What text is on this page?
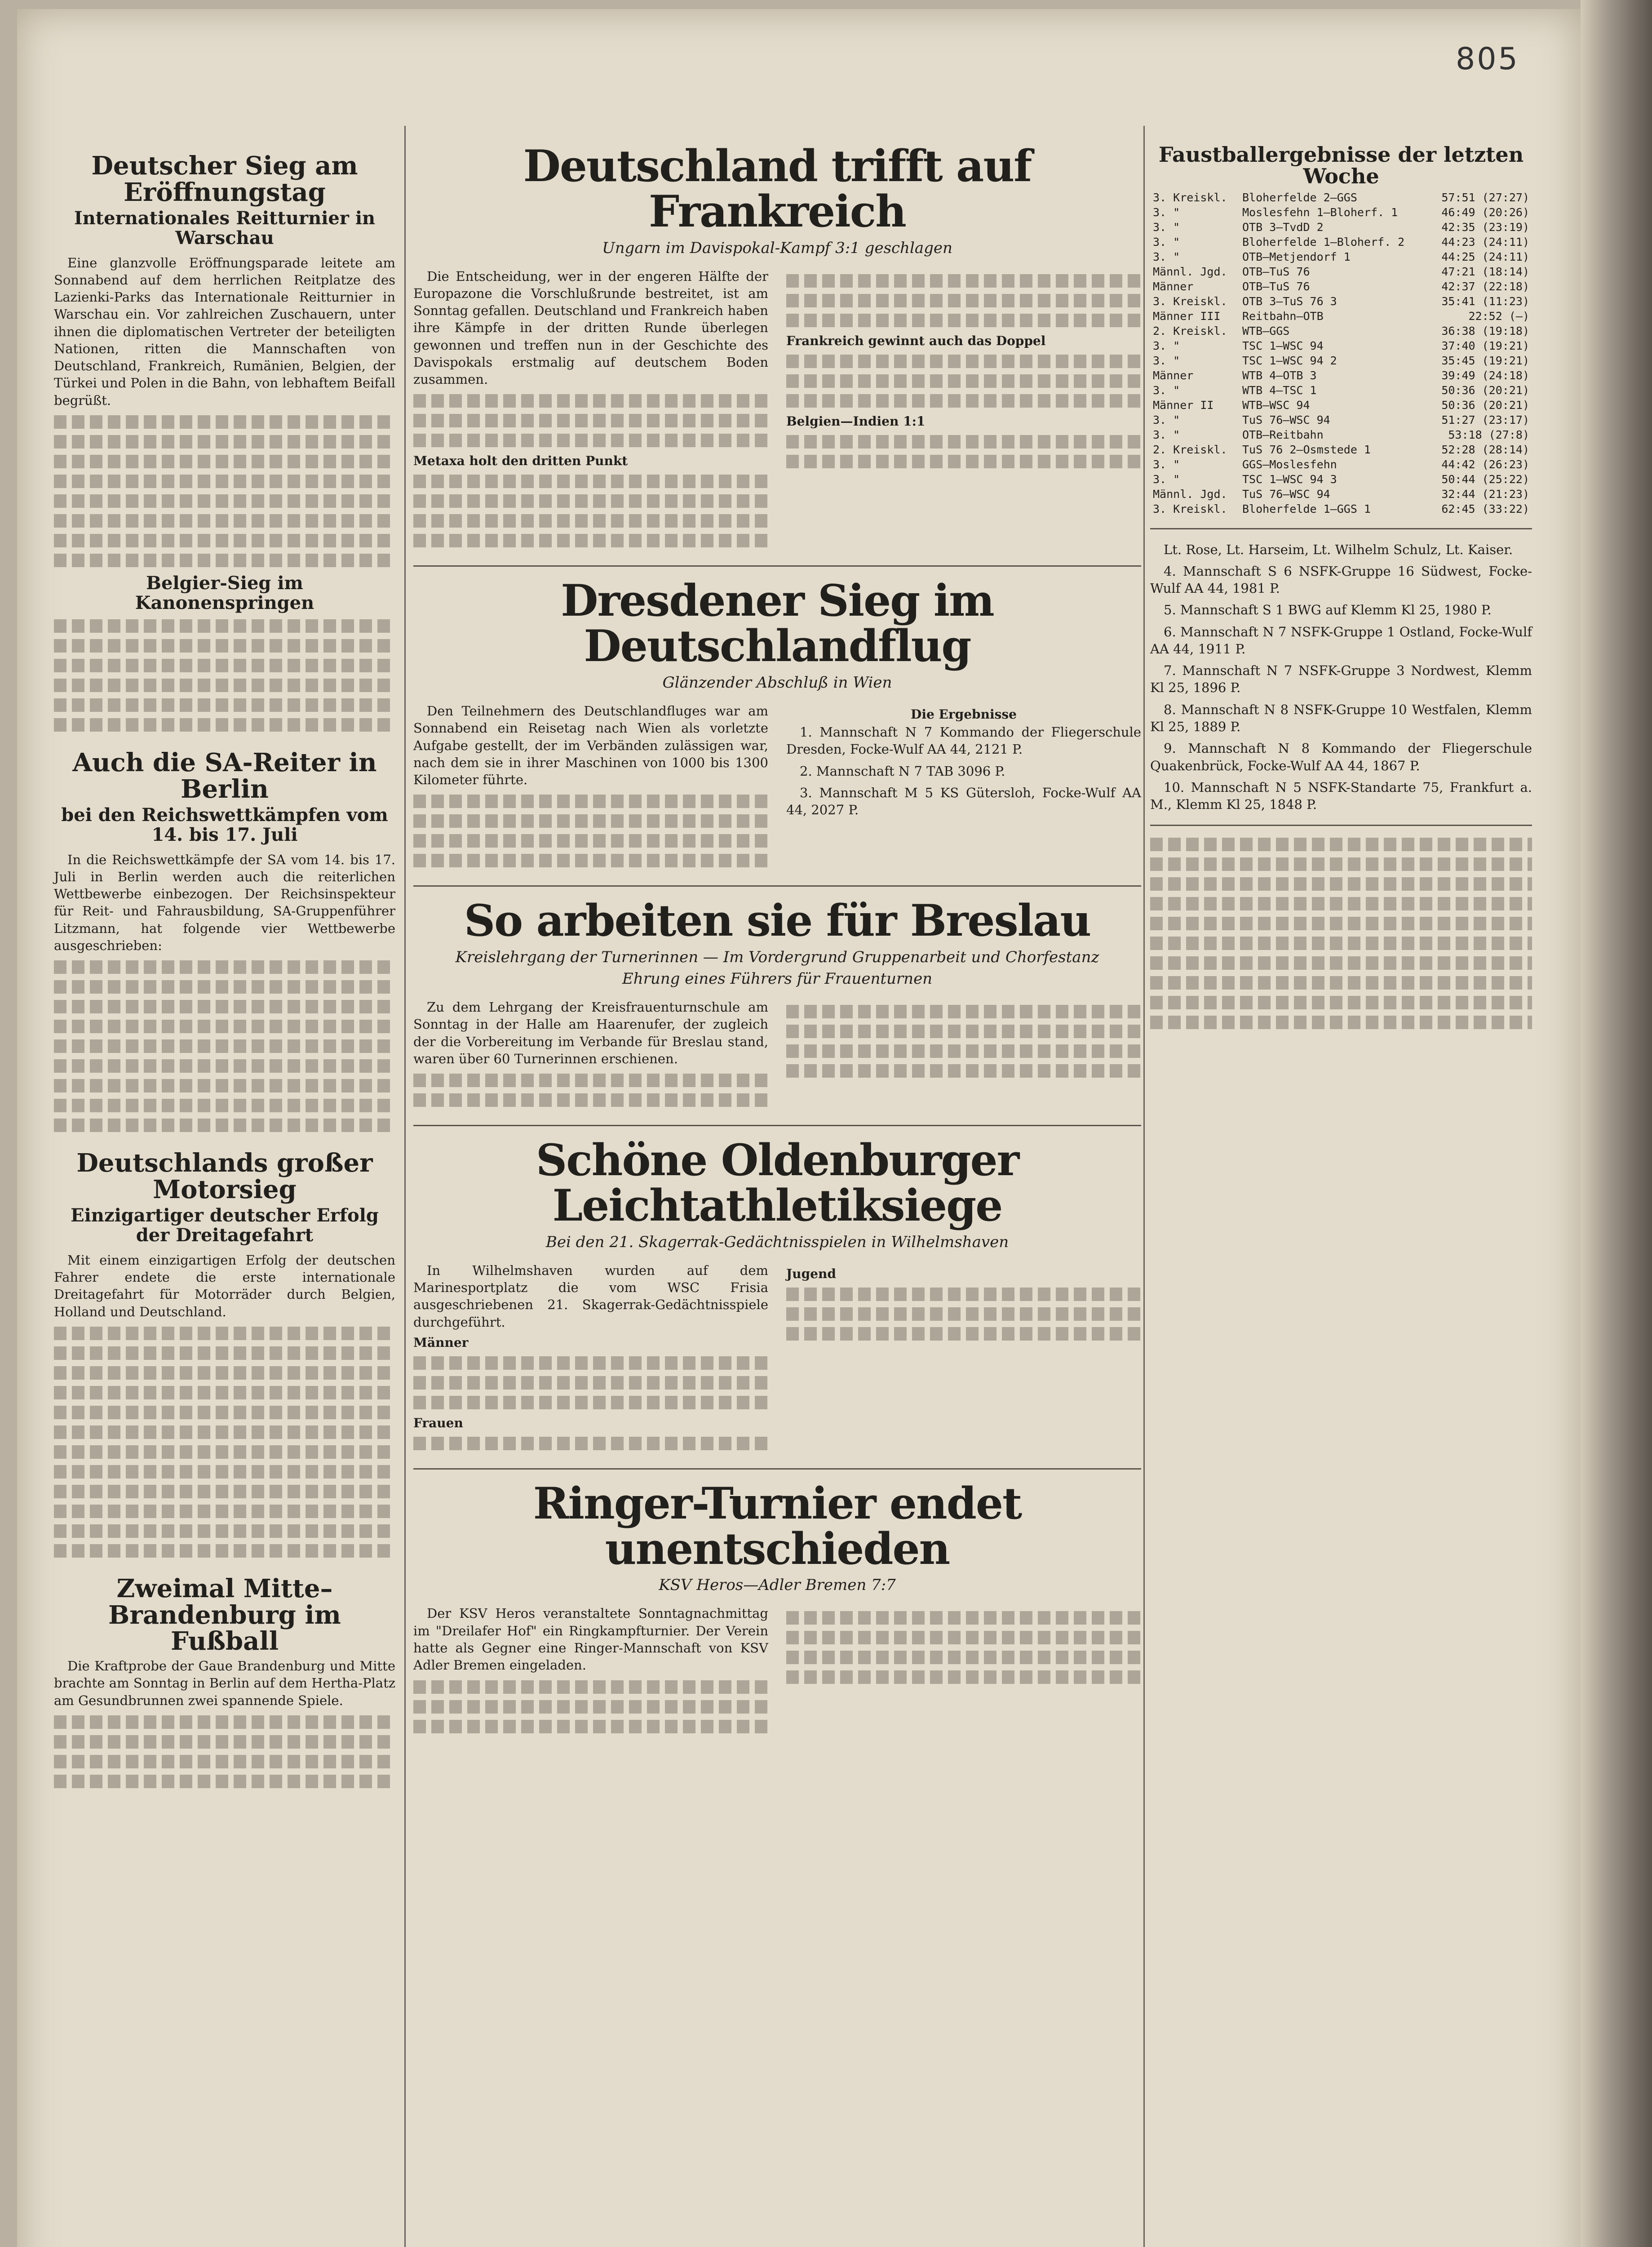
805
Deutscher Sieg am Eröffnungstag
Internationales Reitturnier in Warschau

Eine glanzvolle Eröffnungsparade leitete am Sonnabend auf dem herrlichen Reitplatze des Lazienki-Parks das Internationale Reitturnier in Warschau ein. Vor zahlreichen Zuschauern, unter ihnen die diplomatischen Vertreter der beteiligten Nationen, ritten die Mannschaften von Deutschland, Frankreich, Rumänien, Belgien, der Türkei und Polen in die Bahn, von lebhaftem Beifall begrüßt.

Belgier-Sieg im Kanonenspringen
Auch die SA-Reiter in Berlin
bei den Reichswettkämpfen vom 14. bis 17. Juli

In die Reichswettkämpfe der SA vom 14. bis 17. Juli in Berlin werden auch die reiterlichen Wettbewerbe einbezogen. Der Reichsinspekteur für Reit- und Fahrausbildung, SA-Gruppenführer Litzmann, hat folgende vier Wettbewerbe ausgeschrieben:

Deutschlands großer Motorsieg
Einzigartiger deutscher Erfolg der Dreitagefahrt

Mit einem einzigartigen Erfolg der deutschen Fahrer endete die erste internationale Dreitagefahrt für Motorräder durch Belgien, Holland und Deutschland.

Zweimal Mitte–Brandenburg im Fußball

Die Kraftprobe der Gaue Brandenburg und Mitte brachte am Sonntag in Berlin auf dem Hertha-Platz am Gesundbrunnen zwei spannende Spiele.

Deutschland trifft auf Frankreich
Ungarn im Davispokal-Kampf 3:1 geschlagen

Die Entscheidung, wer in der engeren Hälfte der Europazone die Vorschlußrunde bestreitet, ist am Sonntag gefallen. Deutschland und Frankreich haben ihre Kämpfe in der dritten Runde überlegen gewonnen und treffen nun in der Geschichte des Davispokals erstmalig auf deutschem Boden zusammen.

Metaxa holt den dritten Punkt
Frankreich gewinnt auch das Doppel
Belgien—Indien 1:1
Dresdener Sieg im Deutschlandflug
Glänzender Abschluß in Wien

Den Teilnehmern des Deutschlandfluges war am Sonnabend ein Reisetag nach Wien als vorletzte Aufgabe gestellt, der im Verbänden zulässigen war, nach dem sie in ihrer Maschinen von 1000 bis 1300 Kilometer führte.

Die Ergebnisse

1. Mannschaft N 7 Kommando der Fliegerschule Dresden, Focke-Wulf AA 44, 2121 P.

2. Mannschaft N 7 TAB 3096 P.

3. Mannschaft M 5 KS Gütersloh, Focke-Wulf AA 44, 2027 P.

So arbeiten sie für Breslau
Kreislehrgang der Turnerinnen — Im Vordergrund Gruppenarbeit und Chorfestanz
Ehrung eines Führers für Frauenturnen

Zu dem Lehrgang der Kreisfrauenturnschule am Sonntag in der Halle am Haarenufer, der zugleich der die Vorbereitung im Verbande für Breslau stand, waren über 60 Turnerinnen erschienen.

Schöne Oldenburger Leichtathletiksiege
Bei den 21. Skagerrak-Gedächtnisspielen in Wilhelmshaven

In Wilhelmshaven wurden auf dem Marinesportplatz die vom WSC Frisia ausgeschriebenen 21. Skagerrak-Gedächtnisspiele durchgeführt.

Männer
Frauen
Jugend
Ringer-Turnier endet unentschieden
KSV Heros—Adler Bremen 7:7

Der KSV Heros veranstaltete Sonntagnachmittag im "Dreilafer Hof" ein Ringkampfturnier. Der Verein hatte als Gegner eine Ringer-Mannschaft von KSV Adler Bremen eingeladen.

Faustballergebnisse der letzten Woche
3. Kreiskl.	Bloherfelde 2—GGS	57:51 (27:27)
3. "	Moslesfehn 1—Bloherf. 1	46:49 (20:26)
3. "	OTB 3—TvdD 2	42:35 (23:19)
3. "	Bloherfelde 1—Bloherf. 2	44:23 (24:11)
3. "	OTB—Metjendorf 1	44:25 (24:11)
Männl. Jgd.	OTB—TuS 76	47:21 (18:14)
Männer	OTB—TuS 76	42:37 (22:18)
3. Kreiskl.	OTB 3—TuS 76 3	35:41 (11:23)
Männer III	Reitbahn—OTB	22:52 (—)
2. Kreiskl.	WTB—GGS	36:38 (19:18)
3. "	TSC 1—WSC 94	37:40 (19:21)
3. "	TSC 1—WSC 94 2	35:45 (19:21)
Männer	WTB 4—OTB 3	39:49 (24:18)
3. "	WTB 4—TSC 1	50:36 (20:21)
Männer II	WTB—WSC 94	50:36 (20:21)
3. "	TuS 76—WSC 94	51:27 (23:17)
3. "	OTB—Reitbahn	53:18 (27:8)
2. Kreiskl.	TuS 76 2—Osmstede 1	52:28 (28:14)
3. "	GGS—Moslesfehn	44:42 (26:23)
3. "	TSC 1—WSC 94 3	50:44 (25:22)
Männl. Jgd.	TuS 76—WSC 94	32:44 (21:23)
3. Kreiskl.	Bloherfelde 1—GGS 1	62:45 (33:22)

Lt. Rose, Lt. Harseim, Lt. Wilhelm Schulz, Lt. Kaiser.

4. Mannschaft S 6 NSFK-Gruppe 16 Südwest, Focke-Wulf AA 44, 1981 P.

5. Mannschaft S 1 BWG auf Klemm Kl 25, 1980 P.

6. Mannschaft N 7 NSFK-Gruppe 1 Ostland, Focke-Wulf AA 44, 1911 P.

7. Mannschaft N 7 NSFK-Gruppe 3 Nordwest, Klemm Kl 25, 1896 P.

8. Mannschaft N 8 NSFK-Gruppe 10 Westfalen, Klemm Kl 25, 1889 P.

9. Mannschaft N 8 Kommando der Fliegerschule Quakenbrück, Focke-Wulf AA 44, 1867 P.

10. Mannschaft N 5 NSFK-Standarte 75, Frankfurt a. M., Klemm Kl 25, 1848 P.
